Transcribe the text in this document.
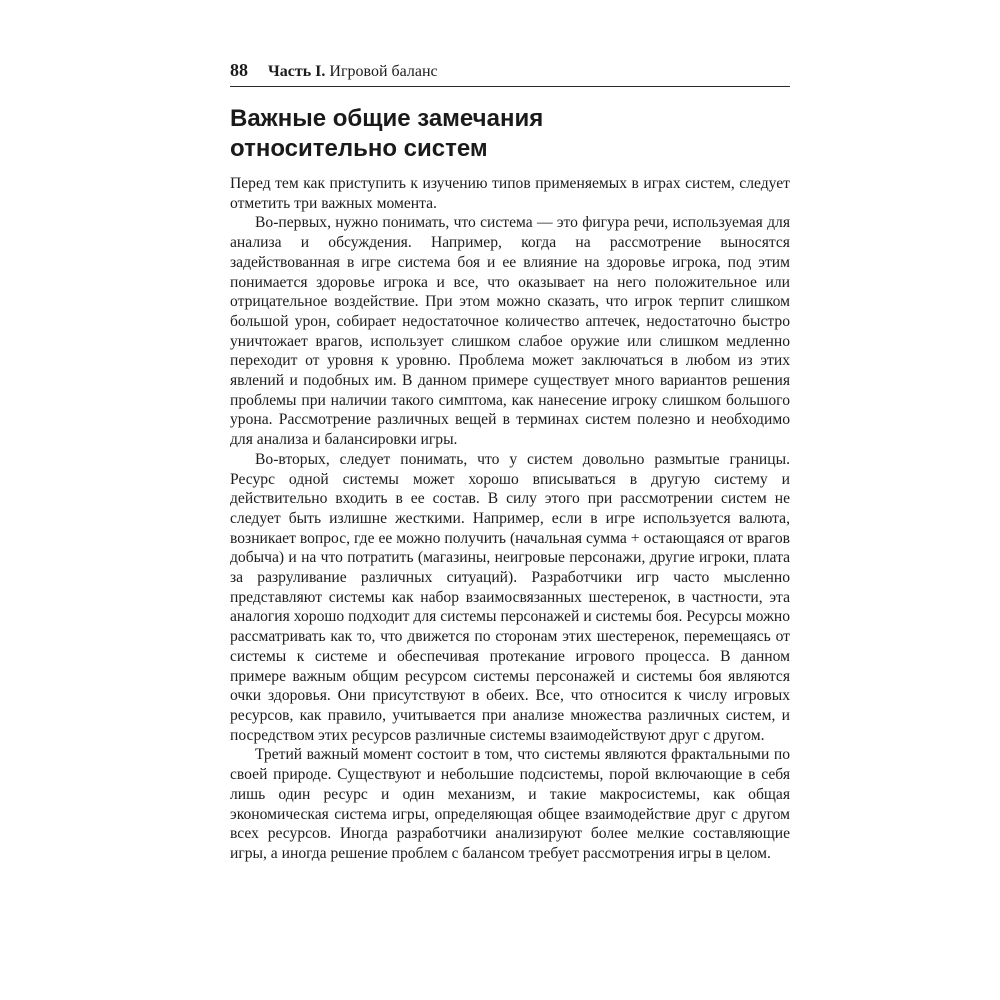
88 Часть I. Игровой баланс
Важные общие замечания
относительно систем

Перед тем как приступить к изучению типов применяемых в играх систем, следует отметить три важных момента.

Во-первых, нужно понимать, что система — это фигура речи, используемая для анализа и обсуждения. Например, когда на рассмотрение выносятся задействованная в игре система боя и ее влияние на здоровье игрока, под этим понимается здоровье игрока и все, что оказывает на него положительное или отрицательное воздействие. При этом можно сказать, что игрок терпит слишком большой урон, собирает недостаточное количество аптечек, недостаточно быстро уничтожает врагов, использует слишком слабое оружие или слишком медленно переходит от уровня к уровню. Проблема может заключаться в любом из этих явлений и подобных им. В данном примере существует много вариантов решения проблемы при наличии такого симптома, как нанесение игроку слишком большого урона. Рассмотрение различных вещей в терминах систем полезно и необходимо для анализа и балансировки игры.

Во-вторых, следует понимать, что у систем довольно размытые границы. Ресурс одной системы может хорошо вписываться в другую систему и действительно входить в ее состав. В силу этого при рассмотрении систем не следует быть излишне жесткими. Например, если в игре используется валюта, возникает вопрос, где ее можно получить (начальная сумма + остающаяся от врагов добыча) и на что потратить (магазины, неигровые персонажи, другие игроки, плата за разруливание различных ситуаций). Разработчики игр часто мысленно представляют системы как набор взаимосвязанных шестеренок, в частности, эта аналогия хорошо подходит для системы персонажей и системы боя. Ресурсы можно рассматривать как то, что движется по сторонам этих шестеренок, перемещаясь от системы к системе и обеспечивая протекание игрового процесса. В данном примере важным общим ресурсом системы персонажей и системы боя являются очки здоровья. Они присутствуют в обеих. Все, что относится к числу игровых ресурсов, как правило, учитывается при анализе множества различных систем, и посредством этих ресурсов различные системы взаимодействуют друг с другом.

Третий важный момент состоит в том, что системы являются фрактальными по своей природе. Существуют и небольшие подсистемы, порой включающие в себя лишь один ресурс и один механизм, и такие макросистемы, как общая экономическая система игры, определяющая общее взаимодействие друг с другом всех ресурсов. Иногда разработчики анализируют более мелкие составляющие игры, а иногда решение проблем с балансом требует рассмотрения игры в целом.
